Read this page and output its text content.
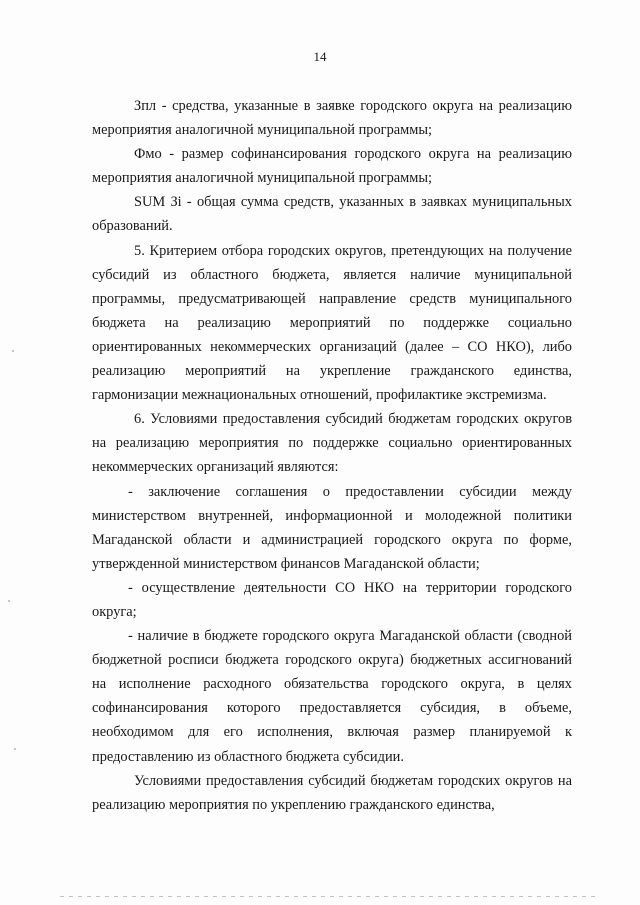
14

Зпл - средства, указанные в заявке городского округа на реализацию мероприятия аналогичной муниципальной программы;

Фмо - размер софинансирования городского округа на реализацию мероприятия аналогичной муниципальной программы;

SUM Зi - общая сумма средств, указанных в заявках муниципальных образований.

5. Критерием отбора городских округов, претендующих на получение субсидий из областного бюджета, является наличие муниципальной программы, предусматривающей направление средств муниципального бюджета на реализацию мероприятий по поддержке социально ориентированных некоммерческих организаций (далее – СО НКО), либо реализацию мероприятий на укрепление гражданского единства, гармонизации межнациональных отношений, профилактике экстремизма.

6. Условиями предоставления субсидий бюджетам городских округов на реализацию мероприятия по поддержке социально ориентированных некоммерческих организаций являются:

- заключение соглашения о предоставлении субсидии между министерством внутренней, информационной и молодежной политики Магаданской области и администрацией городского округа по форме, утвержденной министерством финансов Магаданской области;

- осуществление деятельности СО НКО на территории городского округа;

- наличие в бюджете городского округа Магаданской области (сводной бюджетной росписи бюджета городского округа) бюджетных ассигнований на исполнение расходного обязательства городского округа, в целях софинансирования которого предоставляется субсидия, в объеме, необходимом для его исполнения, включая размер планируемой к предоставлению из областного бюджета субсидии.

Условиями предоставления субсидий бюджетам городских округов на реализацию мероприятия по укреплению гражданского единства,
